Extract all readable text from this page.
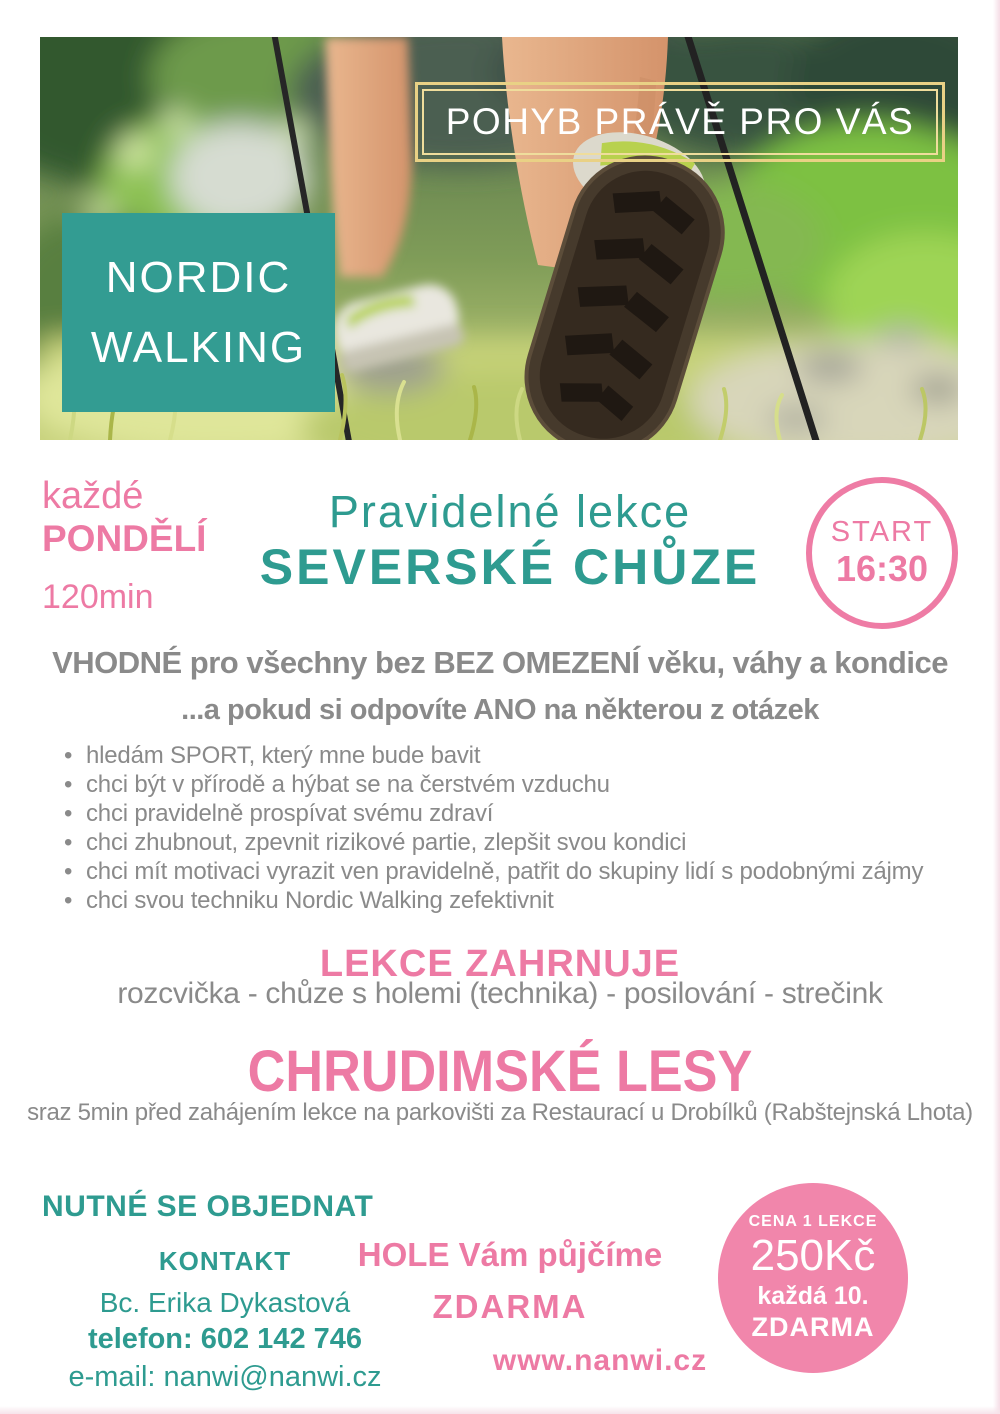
POHYB PRÁVĚ PRO VÁS
NORDIC
WALKING
každé
PONDĚLÍ
120min
Pravidelné lekce
SEVERSKÉ CHŮZE
START
16:30
VHODNÉ pro všechny bez BEZ OMEZENÍ věku, váhy a kondice
...a pokud si odpovíte ANO na některou z otázek
• hledám SPORT, který mne bude bavit
• chci být v přírodě a hýbat se na čerstvém vzduchu
• chci pravidelně prospívat svému zdraví
• chci zhubnout, zpevnit rizikové partie, zlepšit svou kondici
• chci mít motivaci vyrazit ven pravidelně, patřit do skupiny lidí s podobnými zájmy
• chci svou techniku Nordic Walking zefektivnit
LEKCE ZAHRNUJE
rozcvička - chůze s holemi (technika) - posilování - strečink
CHRUDIMSKÉ LESY
sraz 5min před zahájením lekce na parkovišti za Restaurací u Drobílků (Rabštejnská Lhota)
NUTNÉ SE OBJEDNAT
KONTAKT
Bc. Erika Dykastová
telefon: 602 142 746
e-mail: nanwi@nanwi.cz
HOLE Vám půjčíme
ZDARMA
www.nanwi.cz
CENA 1 LEKCE
250Kč
každá 10.
ZDARMA
